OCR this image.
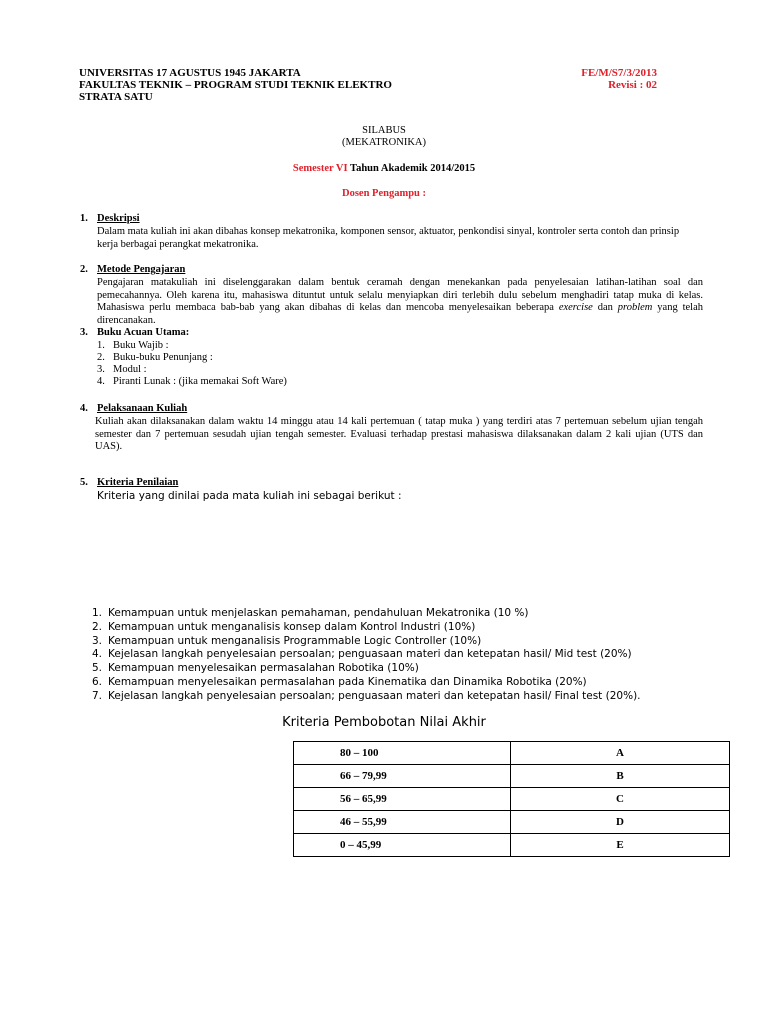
UNIVERSITAS 17 AGUSTUS 1945 JAKARTA
FAKULTAS TEKNIK – PROGRAM STUDI TEKNIK ELEKTRO
STRATA SATU
FE/M/S7/3/2013
Revisi : 02
SILABUS
(MEKATRONIKA)
Semester VI Tahun Akademik 2014/2015
Dosen Pengampu :
1. Deskripsi
Dalam mata kuliah ini akan dibahas konsep mekatronika, komponen sensor, aktuator, penkondisi sinyal, kontroler serta contoh dan prinsip kerja berbagai perangkat mekatronika.
2. Metode Pengajaran
Pengajaran matakuliah ini diselenggarakan dalam bentuk ceramah dengan menekankan pada penyelesaian latihan-latihan soal dan pemecahannya. Oleh karena itu, mahasiswa dituntut untuk selalu menyiapkan diri terlebih dulu sebelum menghadiri tatap muka di kelas. Mahasiswa perlu membaca bab-bab yang akan dibahas di kelas dan mencoba menyelesaikan beberapa exercise dan problem yang telah direncanakan.
3. Buku Acuan Utama:
1. Buku Wajib :
2. Buku-buku Penunjang :
3. Modul :
4. Piranti Lunak : (jika memakai Soft Ware)
4. Pelaksanaan Kuliah
Kuliah akan dilaksanakan dalam waktu 14 minggu atau 14 kali pertemuan ( tatap muka ) yang terdiri atas 7 pertemuan sebelum ujian tengah semester dan 7 pertemuan sesudah ujian tengah semester. Evaluasi terhadap prestasi mahasiswa dilaksanakan dalam 2 kali ujian (UTS dan UAS).
5. Kriteria Penilaian
Kriteria yang dinilai pada mata kuliah ini sebagai berikut :
1. Kemampuan untuk menjelaskan pemahaman, pendahuluan Mekatronika (10 %)
2. Kemampuan untuk menganalisis konsep dalam Kontrol Industri (10%)
3. Kemampuan untuk menganalisis Programmable Logic Controller (10%)
4. Kejelasan langkah penyelesaian persoalan; penguasaan materi dan ketepatan hasil/ Mid test (20%)
5. Kemampuan menyelesaikan permasalahan Robotika (10%)
6. Kemampuan menyelesaikan permasalahan pada Kinematika dan Dinamika Robotika (20%)
7. Kejelasan langkah penyelesaian persoalan; penguasaan materi dan ketepatan hasil/ Final test (20%).
Kriteria Pembobotan Nilai Akhir
80 – 100	A
66 – 79,99	B
56 – 65,99	C
46 – 55,99	D
0 – 45,99	E
